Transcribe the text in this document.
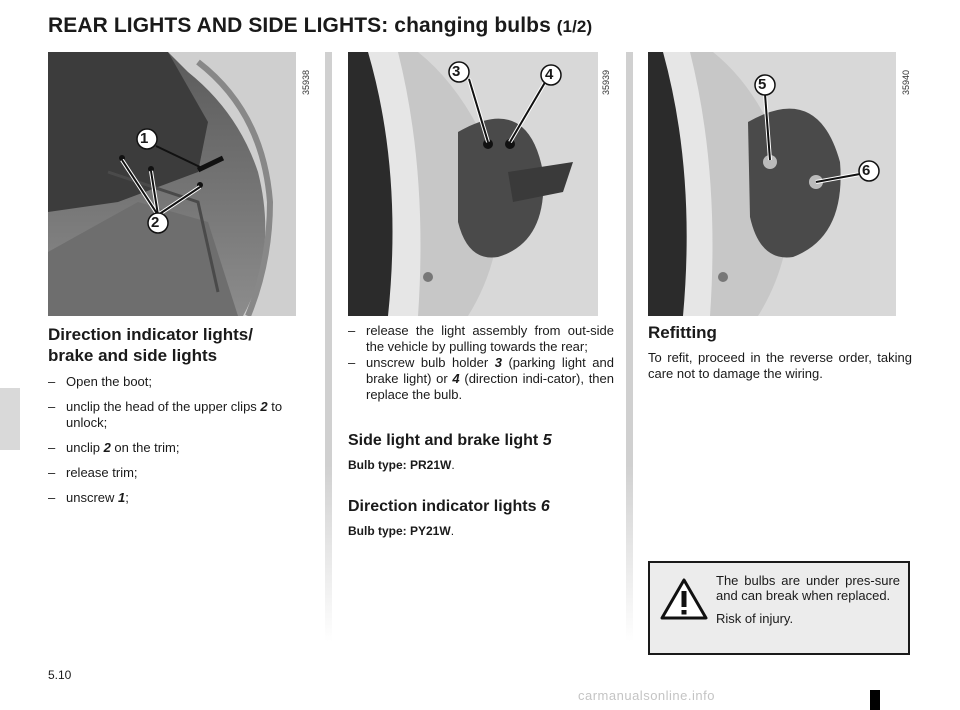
REAR LIGHTS AND SIDE LIGHTS: changing bulbs (1/2)
1
2
35938	3	4	35939	5
6
35940
Direction indicator lights/
brake and side lights
– Open the boot;
– unclip the head of the upper clips 2 to unlock;
– unclip 2 on the trim;
– release trim;
– unscrew 1;
– release the light assembly from out-side the vehicle by pulling towards the rear;
– unscrew bulb holder 3 (parking light and brake light) or 4 (direction indi-cator), then replace the bulb.
Side light and brake light 5
Bulb type: PR21W.
Direction indicator lights 6
Bulb type: PY21W.
Refitting
To refit, proceed in the reverse order, taking care not to damage the wiring.
The bulbs are under pres-sure and can break when replaced.
Risk of injury.
5.10
carmanualsonline.info
